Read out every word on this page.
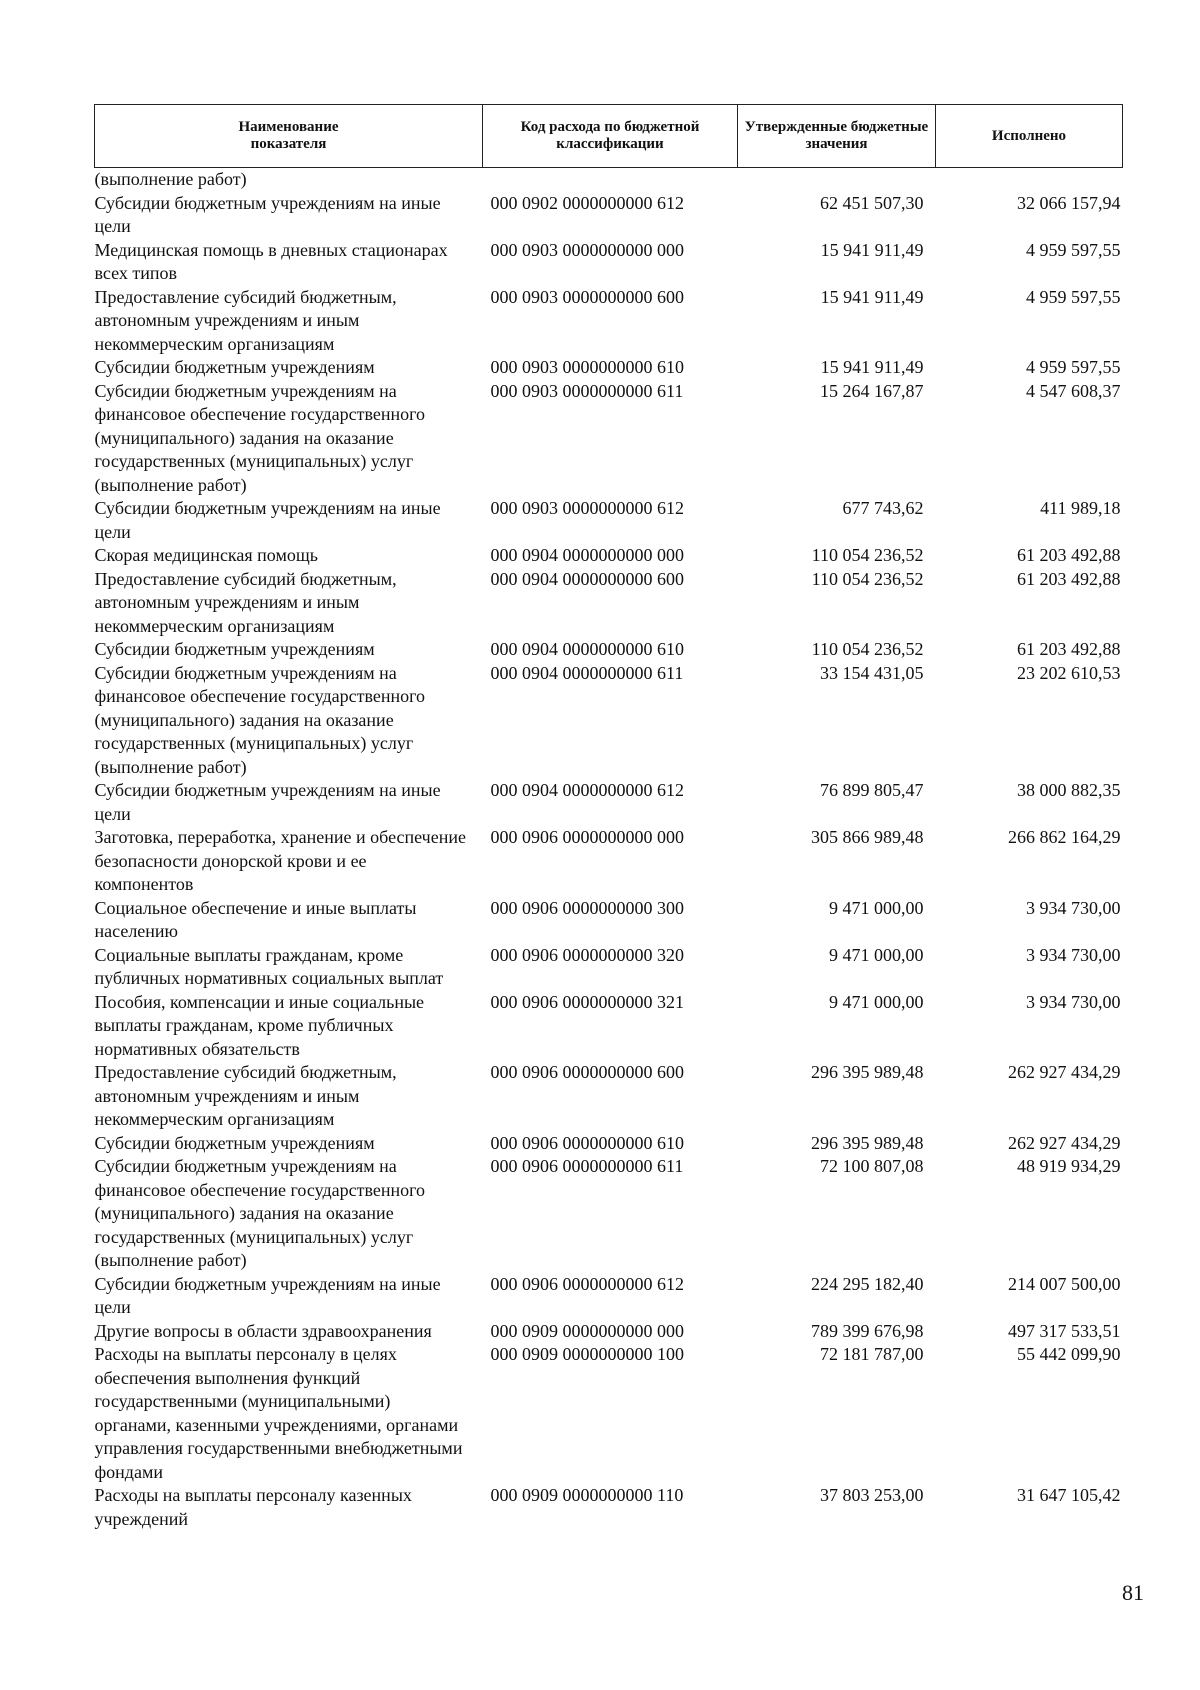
Наименование
показателя	Код расхода по бюджетной классификации	Утвержденные бюджетные значения	Исполнено
(выполнение работ)			
Субсидии бюджетным учреждениям на иные цели	000 0902 0000000000 612	62 451 507,30	32 066 157,94
Медицинская помощь в дневных стационарах всех типов	000 0903 0000000000 000	15 941 911,49	4 959 597,55
Предоставление субсидий бюджетным, автономным учреждениям и иным некоммерческим организациям	000 0903 0000000000 600	15 941 911,49	4 959 597,55
Субсидии бюджетным учреждениям	000 0903 0000000000 610	15 941 911,49	4 959 597,55
Субсидии бюджетным учреждениям на финансовое обеспечение государственного (муниципального) задания на оказание государственных (муниципальных) услуг (выполнение работ)	000 0903 0000000000 611	15 264 167,87	4 547 608,37
Субсидии бюджетным учреждениям на иные цели	000 0903 0000000000 612	677 743,62	411 989,18
Скорая медицинская помощь	000 0904 0000000000 000	110 054 236,52	61 203 492,88
Предоставление субсидий бюджетным, автономным учреждениям и иным некоммерческим организациям	000 0904 0000000000 600	110 054 236,52	61 203 492,88
Субсидии бюджетным учреждениям	000 0904 0000000000 610	110 054 236,52	61 203 492,88
Субсидии бюджетным учреждениям на финансовое обеспечение государственного (муниципального) задания на оказание государственных (муниципальных) услуг (выполнение работ)	000 0904 0000000000 611	33 154 431,05	23 202 610,53
Субсидии бюджетным учреждениям на иные цели	000 0904 0000000000 612	76 899 805,47	38 000 882,35
Заготовка, переработка, хранение и обеспечение безопасности донорской крови и ее компонентов	000 0906 0000000000 000	305 866 989,48	266 862 164,29
Социальное обеспечение и иные выплаты населению	000 0906 0000000000 300	9 471 000,00	3 934 730,00
Социальные выплаты гражданам, кроме публичных нормативных социальных выплат	000 0906 0000000000 320	9 471 000,00	3 934 730,00
Пособия, компенсации и иные социальные выплаты гражданам, кроме публичных нормативных обязательств	000 0906 0000000000 321	9 471 000,00	3 934 730,00
Предоставление субсидий бюджетным, автономным учреждениям и иным некоммерческим организациям	000 0906 0000000000 600	296 395 989,48	262 927 434,29
Субсидии бюджетным учреждениям	000 0906 0000000000 610	296 395 989,48	262 927 434,29
Субсидии бюджетным учреждениям на финансовое обеспечение государственного (муниципального) задания на оказание государственных (муниципальных) услуг (выполнение работ)	000 0906 0000000000 611	72 100 807,08	48 919 934,29
Субсидии бюджетным учреждениям на иные цели	000 0906 0000000000 612	224 295 182,40	214 007 500,00
Другие вопросы в области здравоохранения	000 0909 0000000000 000	789 399 676,98	497 317 533,51
Расходы на выплаты персоналу в целях обеспечения выполнения функций государственными (муниципальными) органами, казенными учреждениями, органами управления государственными внебюджетными фондами	000 0909 0000000000 100	72 181 787,00	55 442 099,90
Расходы на выплаты персоналу казенных учреждений	000 0909 0000000000 110	37 803 253,00	31 647 105,42
81
